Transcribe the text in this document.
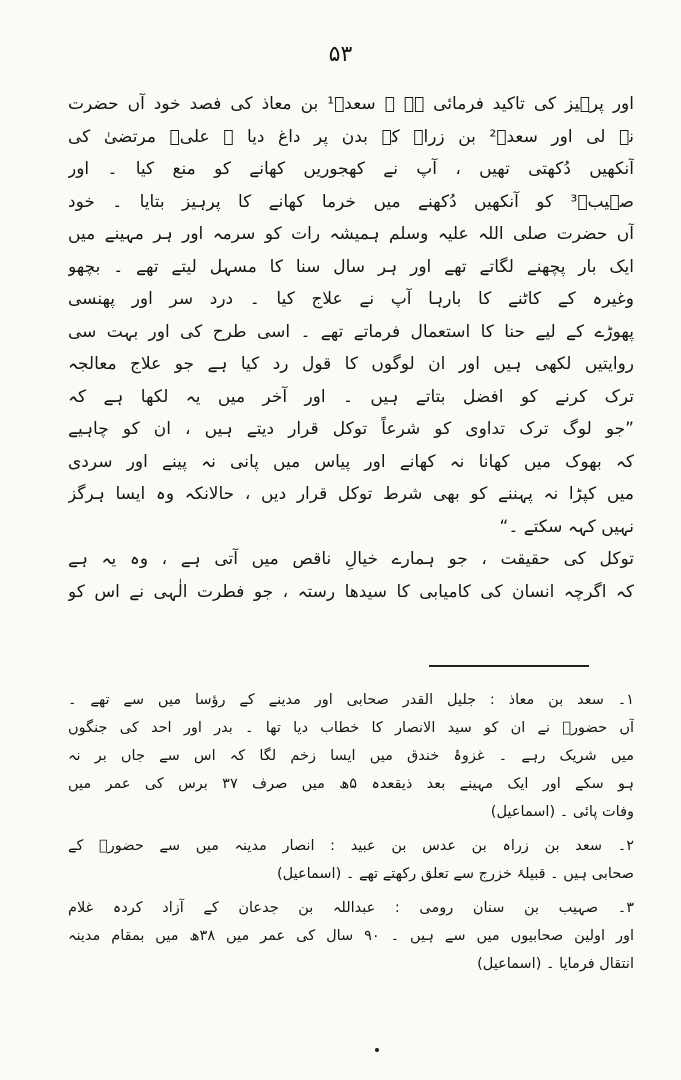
۵۳
اور پرہیز کی تاکید فرمائی ہے ۔ سعدؓ¹ بن معاذ کی فصد خود آں حضرت
نے لی اور سعدؓ² بن زراہ کے بدن پر داغ دیا ۔ علیؓ مرتضیٰ کی
آنکھیں دُکھتی تھیں ، آپ نے کھجوریں کھانے کو منع کیا ۔ اور
صہیبؓ³ کو آنکھیں دُکھنے میں خرما کھانے کا پرہیز بتایا ۔ خود
آں حضرت صلی اللہ علیہ وسلم ہمیشہ رات کو سرمہ اور ہر مہینے میں
ایک بار پچھنے لگاتے تھے اور ہر سال سنا کا مسہل لیتے تھے ۔ بچھو
وغیرہ کے کاٹنے کا بارہا آپ نے علاج کیا ۔ درد سر اور پھنسی
پھوڑے کے لیے حنا کا استعمال فرماتے تھے ۔ اسی طرح کی اور بہت سی
روایتیں لکھی ہیں اور ان لوگوں کا قول رد کیا ہے جو علاج معالجہ
ترک کرنے کو افضل بتاتے ہیں ۔ اور آخر میں یہ لکھا ہے کہ
”جو لوگ ترک تداوی کو شرعاً توکل قرار دیتے ہیں ، ان کو چاہیے
کہ بھوک میں کھانا نہ کھانے اور پیاس میں پانی نہ پینے اور سردی
میں کپڑا نہ پہننے کو بھی شرط توکل قرار دیں ، حالانکہ وہ ایسا ہرگز
نہیں کہہ سکتے ۔“
توکل کی حقیقت ، جو ہمارے خیالِ ناقص میں آتی ہے ، وہ یہ ہے
کہ اگرچہ انسان کی کامیابی کا سیدھا رستہ ، جو فطرت الٰہی نے اس کو
۱۔ سعد بن معاذ : جلیل القدر صحابی اور مدینے کے رؤسا میں سے تھے ۔
آں حضورؐ نے ان کو سید الانصار کا خطاب دیا تھا ۔ بدر اور احد کی جنگوں
میں شریک رہے ۔ غزوۂ خندق میں ایسا زخم لگا کہ اس سے جاں بر نہ
ہو سکے اور ایک مہینے بعد ذیقعدہ ۵ھ میں صرف ۳۷ برس کی عمر میں
وفات پائی ۔ (اسماعیل)
۲۔ سعد بن زراہ بن عدس بن عبید : انصار مدینہ میں سے حضورؐ کے
صحابی ہیں ۔ قبیلۂ خزرج سے تعلق رکھتے تھے ۔ (اسماعیل)
۳۔ صہیب بن سنان رومی : عبداللہ بن جدعان کے آزاد کردہ غلام
اور اولین صحابیوں میں سے ہیں ۔ ۹۰ سال کی عمر میں ۳۸ھ میں بمقام مدینہ
انتقال فرمایا ۔ (اسماعیل)
